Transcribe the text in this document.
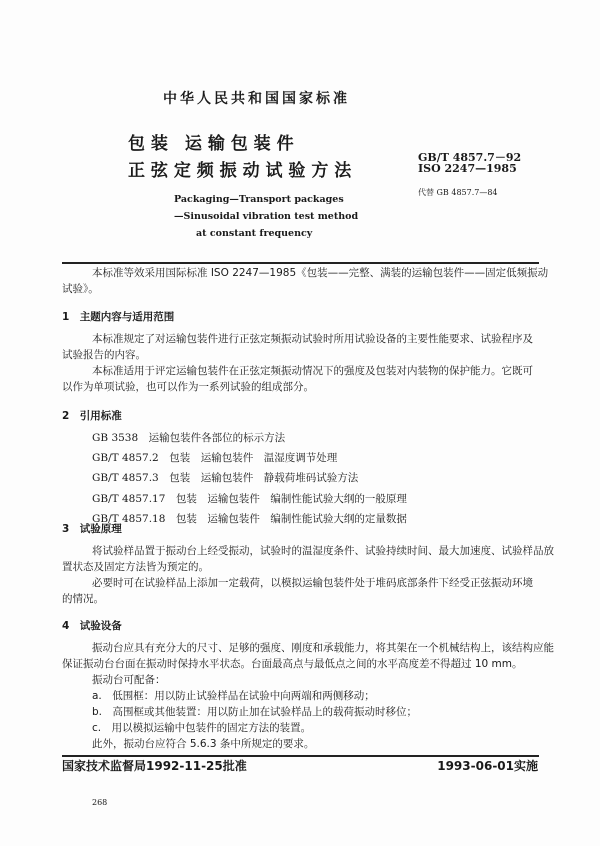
中华人民共和国国家标准
包 装　运 输 包 装 件
正 弦 定 频 振 动 试 验 方 法
Packaging—Transport packages
—Sinusoidal vibration test method
at constant frequency
GB/T 4857.7－92
ISO 2247—1985
代替 GB 4857.7—84
本标准等效采用国际标准 ISO 2247—1985《包装——完整、满装的运输包装件——固定低频振动
试验》。
1　主题内容与适用范围
本标准规定了对运输包装件进行正弦定频振动试验时所用试验设备的主要性能要求、试验程序及
试验报告的内容。
本标准适用于评定运输包装件在正弦定频振动情况下的强度及包装对内装物的保护能力。它既可
以作为单项试验，也可以作为一系列试验的组成部分。
2　引用标准
GB 3538　运输包装件各部位的标示方法
GB/T 4857.2　包装　运输包装件　温湿度调节处理
GB/T 4857.3　包装　运输包装件　静载荷堆码试验方法
GB/T 4857.17　包装　运输包装件　编制性能试验大纲的一般原理
GB/T 4857.18　包装　运输包装件　编制性能试验大纲的定量数据
3　试验原理
将试验样品置于振动台上经受振动，试验时的温湿度条件、试验持续时间、最大加速度、试验样品放
置状态及固定方法皆为预定的。
必要时可在试验样品上添加一定载荷，以模拟运输包装件处于堆码底部条件下经受正弦振动环境
的情况。
4　试验设备
振动台应具有充分大的尺寸、足够的强度、刚度和承载能力，将其架在一个机械结构上，该结构应能
保证振动台台面在振动时保持水平状态。台面最高点与最低点之间的水平高度差不得超过 10 mm。
振动台可配备：
a.　低围框：用以防止试验样品在试验中向两端和两侧移动；
b.　高围框或其他装置：用以防止加在试验样品上的载荷振动时移位；
c.　用以模拟运输中包装件的固定方法的装置。
此外，振动台应符合 5.6.3 条中所规定的要求。
国家技术监督局1992-11-25批准	1993-06-01实施
268
